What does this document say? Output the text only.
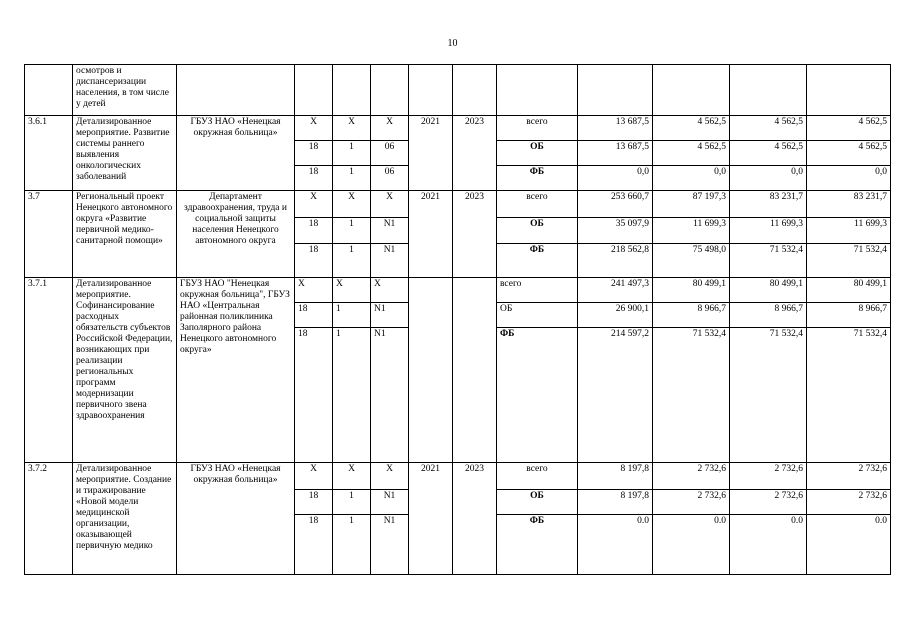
10
	осмотров и диспансеризации населения, в том числе у детей											
3.6.1	Детализированное мероприятие. Развитие системы раннего выявления онкологических заболеваний	ГБУЗ НАО «Ненецкая окружная больница»	Х	Х	Х	2021	2023	всего	13 687,5	4 562,5	4 562,5	4 562,5
			18	1	06			ОБ	13 687,5	4 562,5	4 562,5	4 562,5
			18	1	06			ФБ	0,0	0,0	0,0	0,0
3.7	Региональный проект Ненецкого автономного округа «Развитие первичной медико-санитарной помощи»	Департамент здравоохранения, труда и социальной защиты населения Ненецкого автономного округа	Х	Х	Х	2021	2023	всего	253 660,7	87 197,3	83 231,7	83 231,7
			18	1	N1			ОБ	35 097,9	11 699,3	11 699,3	11 699,3
			18	1	N1			ФБ	218 562,8	75 498,0	71 532,4	71 532,4
3.7.1	Детализированное мероприятие. Софинансирование расходных обязательств субъектов Российской Федерации, возникающих при реализации региональных программ модернизации первичного звена здравоохранения	ГБУЗ НАО "Ненецкая окружная больница", ГБУЗ НАО «Центральная районная поликлиника Заполярного района Ненецкого автономного округа»	Х	Х	Х			всего	241 497,3	80 499,1	80 499,1	80 499,1
			18	1	N1			ОБ	26 900,1	8 966,7	8 966,7	8 966,7
			18	1	N1			ФБ	214 597,2	71 532,4	71 532,4	71 532,4
3.7.2	Детализированное мероприятие. Создание и тиражирование «Новой модели медицинской организации, оказывающей первичную медико	ГБУЗ НАО «Ненецкая окружная больница»	Х	Х	Х	2021	2023	всего	8 197,8	2 732,6	2 732,6	2 732,6
			18	1	N1			ОБ	8 197,8	2 732,6	2 732,6	2 732,6
			18	1	N1			ФБ	0.0	0.0	0.0	0.0
